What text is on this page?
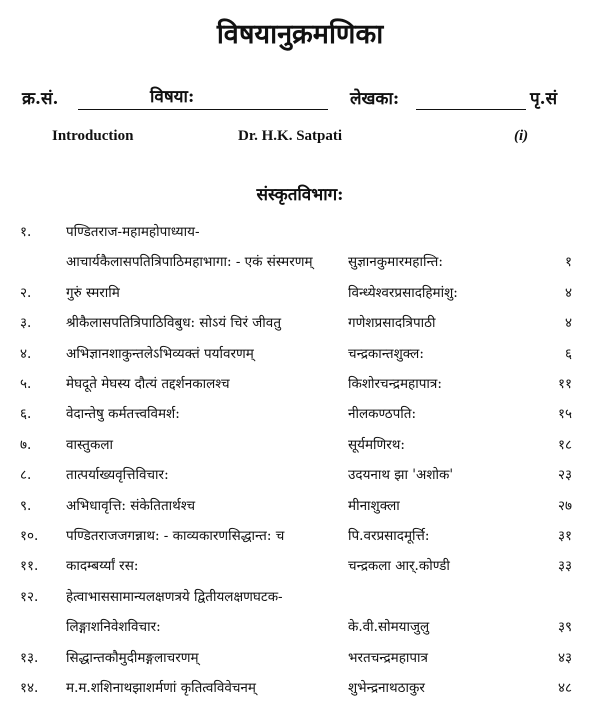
विषयानुक्रमणिका
क्र.सं.	विषया:	लेखका:	पृ.सं
Introduction	Dr. H.K. Satpati	(i)
संस्कृतविभाग:
१.	पण्डितराज-महामहोपाध्याय-
आचार्यकैलासपतित्रिपाठिमहाभागा: - एकं संस्मरणम्	सुज्ञानकुमारमहान्ति:	१
२.	गुरुं स्मरामि	विन्ध्येश्वरप्रसादहिमांशु:	४
३.	श्रीकैलासपतित्रिपाठिविबुध: सोऽयं चिरं जीवतु	गणेशप्रसादत्रिपाठी	४
४.	अभिज्ञानशाकुन्तलेऽभिव्यक्तं पर्यावरणम्	चन्द्रकान्तशुक्ल:	६
५.	मेघदूते मेघस्य दौत्यं तद्दर्शनकालश्च	किशोरचन्द्रमहापात्र:	११
६.	वेदान्तेषु कर्मतत्त्वविमर्श:	नीलकण्ठपति:	१५
७.	वास्तुकला	सूर्यमणिरथ:	१८
८.	तात्पर्याख्यवृत्तिविचार:	उदयनाथ झा 'अशोक'	२३
९.	अभिधावृत्ति: संकेतितार्थश्च	मीनाशुक्ला	२७
१०. पण्डितराजजगन्नाथ: - काव्यकारणसिद्धान्त: च	पि.वरप्रसादमूर्त्ति:	३१
११. कादम्बर्य्यां रस:	चन्द्रकला आर्.कोण्डी	३३
१२. हेत्वाभाससामान्यलक्षणत्रये द्वितीयलक्षणघटक-
लिङ्गाशनिवेशविचार:	के.वी.सोमयाजुलु	३९
१३. सिद्धान्तकौमुदीमङ्गलाचरणम्	भरतचन्द्रमहापात्र	४३
१४. म.म.शशिनाथझाशर्मणां कृतित्वविवेचनम्	शुभेन्द्रनाथठाकुर	४८
